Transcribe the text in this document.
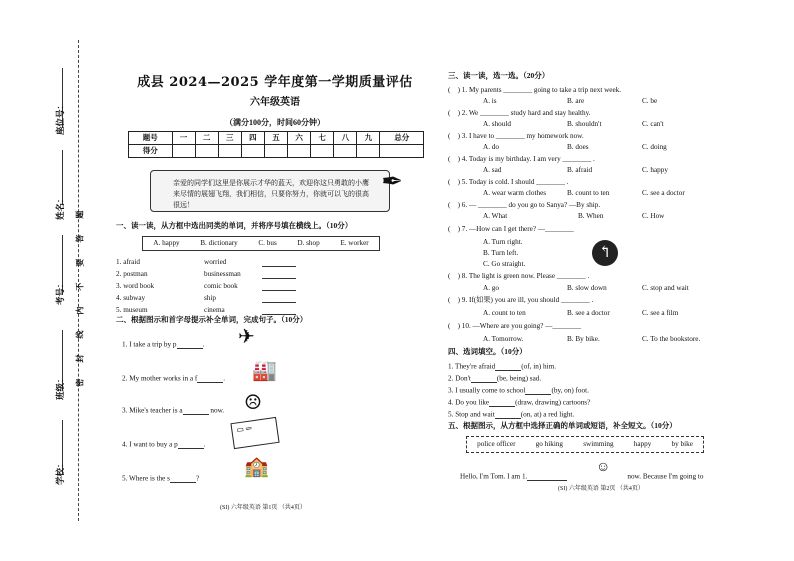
座位号：
姓名：
考号：
班级：
学校：
题
答
要
不
内
线
封
密
成县 2024—2025 学年度第一学期质量评估
六年级英语
（满分100分，时间60分钟）
题号	一	二	三	四	五	六	七	八	九	总分
得分										
亲爱的同学们这里是你展示才华的蓝天，欢迎你这只勇敢的小鹰来尽情的展翅飞翔，我们相信，只要你努力，你就可以飞的很高很远！
✒
一、读一读，从方框中选出同类的单词，并将序号填在横线上。（10分）
A. happy	B. dictionary	C. bus	D. shop	E. worker
1. afraid	worried
2. postman	businessman
3. word book	comic book
4. subway	ship
5. museum	cinema
二、根据图示和首字母提示补全单词，完成句子。（10分）
1. I take a trip by p	. ✈
2. My mother works in a f	. 🏭
3. Mike's teacher is a	now. ☹
4. I want to buy a p	.
▭ ═
5. Where is the s	?
🏫
(SI) 六年级英语 第1页 （共4页）
三、读一读，选一选。（20分）
(    ) 1. My parents ________ going to take a trip next week.
A. is	B. are	C. be
(    ) 2. We ________ study hard and stay healthy.
A. should	B. shouldn't	C. can't
(    ) 3. I have to ________ my homework now.
A. do	B. does	C. doing
(    ) 4. Today is my birthday. I am very ________ .
A. sad	B. afraid	C. happy
(    ) 5. Today is cold. I should ________ .
A. wear warm clothes	B. count to ten	C. see a doctor
(    ) 6. — ________ do you go to Sanya? —By ship.
A. What	B. When	C. How
(    ) 7. —How can I get there? —________
A. Turn right.
B. Turn left.
C. Go straight.
↰
(    ) 8. The light is green now. Please ________ .
A. go	B. slow down	C. stop and wait
(    ) 9. If(如果) you are ill, you should ________ .
A. count to ten	B. see a doctor	C. see a film
(    ) 10. —Where are you going? —________
A. Tomorrow.	B. By bike.	C. To the bookstore.
四、选词填空。（10分）
1. They're afraid	(of, in) him.
2. Don't	(be, being) sad.
3. I usually come to school	(by, on) foot.
4. Do you like	(draw, drawing) cartoons?
5. Stop and wait	(on, at) a red light.
五、根据图示，从方框中选择正确的单词或短语，补全短文。（10分）
police officer	go hiking	swimming	happy	by bike
Hello, I'm Tom. I am 1.	now. Because I'm going to
☺
(SI) 六年级英语 第2页 （共4页）
